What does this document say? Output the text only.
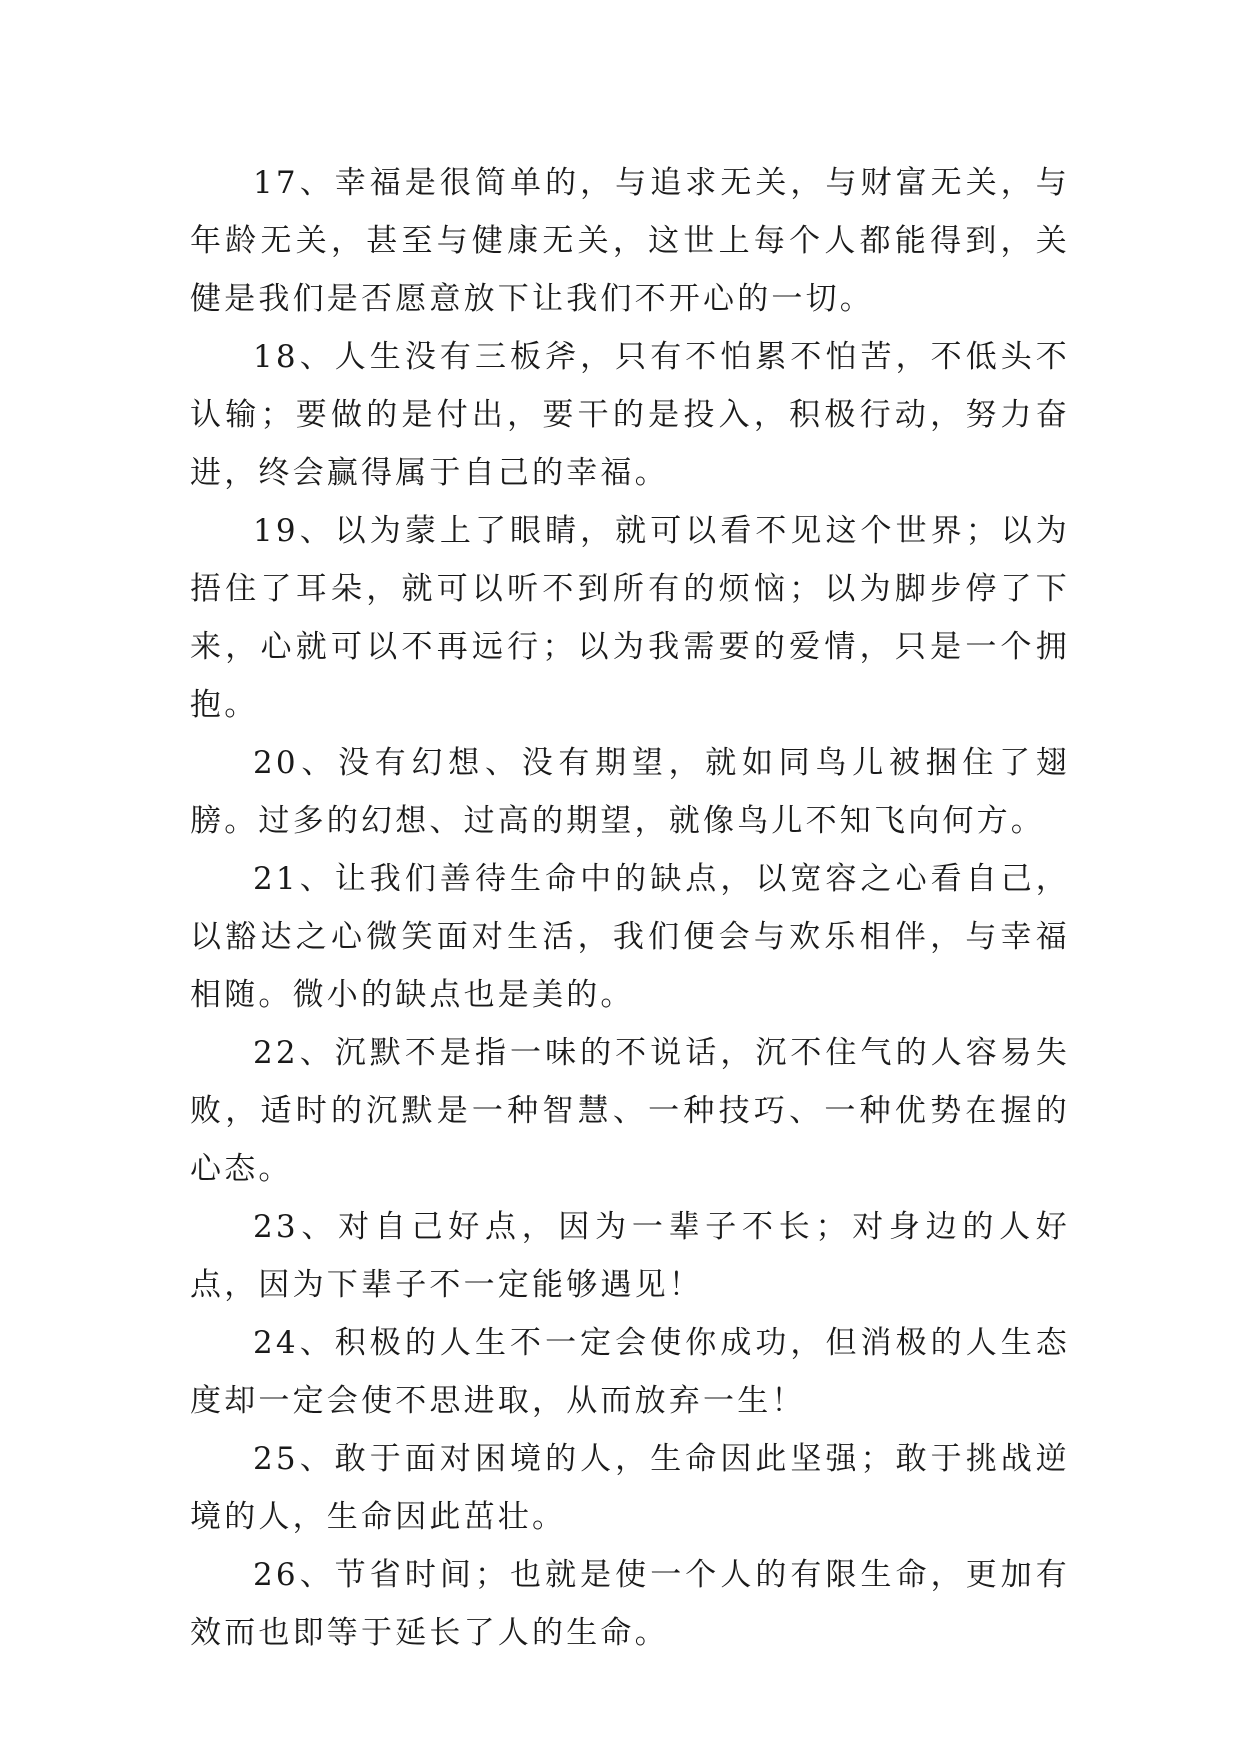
17、幸福是很简单的，与追求无关，与财富无关，与年龄无关，甚至与健康无关，这世上每个人都能得到，关健是我们是否愿意放下让我们不开心的一切。

18、人生没有三板斧，只有不怕累不怕苦，不低头不认输；要做的是付出，要干的是投入，积极行动，努力奋进，终会赢得属于自己的幸福。

19、以为蒙上了眼睛，就可以看不见这个世界；以为捂住了耳朵，就可以听不到所有的烦恼；以为脚步停了下来，心就可以不再远行；以为我需要的爱情，只是一个拥抱。

20、没有幻想、没有期望，就如同鸟儿被捆住了翅膀。过多的幻想、过高的期望，就像鸟儿不知飞向何方。

21、让我们善待生命中的缺点，以宽容之心看自己，以豁达之心微笑面对生活，我们便会与欢乐相伴，与幸福相随。微小的缺点也是美的。

22、沉默不是指一味的不说话，沉不住气的人容易失败，适时的沉默是一种智慧、一种技巧、一种优势在握的心态。

23、对自己好点，因为一辈子不长；对身边的人好点，因为下辈子不一定能够遇见！

24、积极的人生不一定会使你成功，但消极的人生态度却一定会使不思进取，从而放弃一生！

25、敢于面对困境的人，生命因此坚强；敢于挑战逆境的人，生命因此茁壮。

26、节省时间；也就是使一个人的有限生命，更加有效而也即等于延长了人的生命。
